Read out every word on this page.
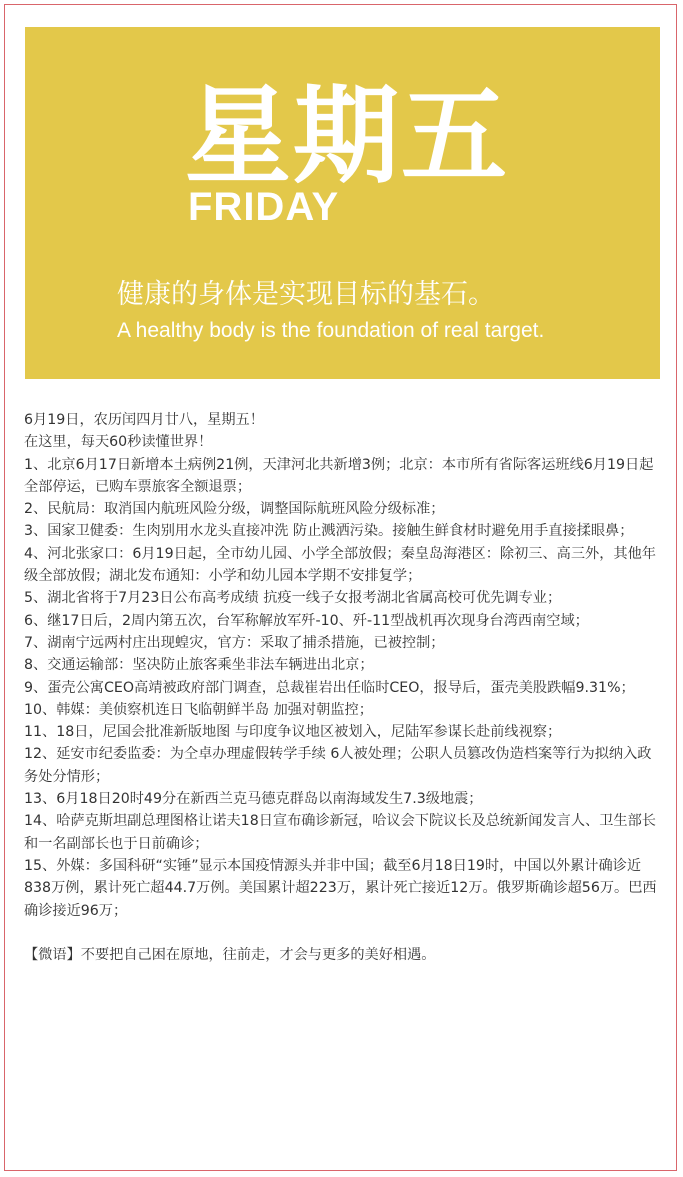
星期五
FRIDAY
健康的身体是实现目标的基石。
A healthy body is the foundation of real target.

6月19日，农历闰四月廿八，星期五！

在这里，每天60秒读懂世界！

1、北京6月17日新增本土病例21例，天津河北共新增3例；北京：本市所有省际客运班线6月19日起全部停运，已购车票旅客全额退票；

2、民航局：取消国内航班风险分级，调整国际航班风险分级标准；

3、国家卫健委：生肉别用水龙头直接冲洗 防止溅洒污染。接触生鲜食材时避免用手直接揉眼鼻；

4、河北张家口：6月19日起，全市幼儿园、小学全部放假；秦皇岛海港区：除初三、高三外，其他年级全部放假；湖北发布通知：小学和幼儿园本学期不安排复学；

5、湖北省将于7月23日公布高考成绩 抗疫一线子女报考湖北省属高校可优先调专业；

6、继17日后，2周内第五次，台军称解放军歼-10、歼-11型战机再次现身台湾西南空域；

7、湖南宁远两村庄出现蝗灾，官方：采取了捕杀措施，已被控制；

8、交通运输部：坚决防止旅客乘坐非法车辆进出北京；

9、蛋壳公寓CEO高靖被政府部门调查，总裁崔岩出任临时CEO，报导后，蛋壳美股跌幅9.31%；

10、韩媒：美侦察机连日飞临朝鲜半岛 加强对朝监控；

11、18日，尼国会批准新版地图 与印度争议地区被划入，尼陆军参谋长赴前线视察；

12、延安市纪委监委：为仝卓办理虚假转学手续 6人被处理；公职人员篡改伪造档案等行为拟纳入政务处分情形；

13、6月18日20时49分在新西兰克马德克群岛以南海域发生7.3级地震；

14、哈萨克斯坦副总理图格让诺夫18日宣布确诊新冠，哈议会下院议长及总统新闻发言人、卫生部长和一名副部长也于日前确诊；

15、外媒：多国科研“实锤”显示本国疫情源头并非中国；截至6月18日19时，中国以外累计确诊近838万例，累计死亡超44.7万例。美国累计超223万，累计死亡接近12万。俄罗斯确诊超56万。巴西确诊接近96万；

【微语】不要把自己困在原地，往前走，才会与更多的美好相遇。
